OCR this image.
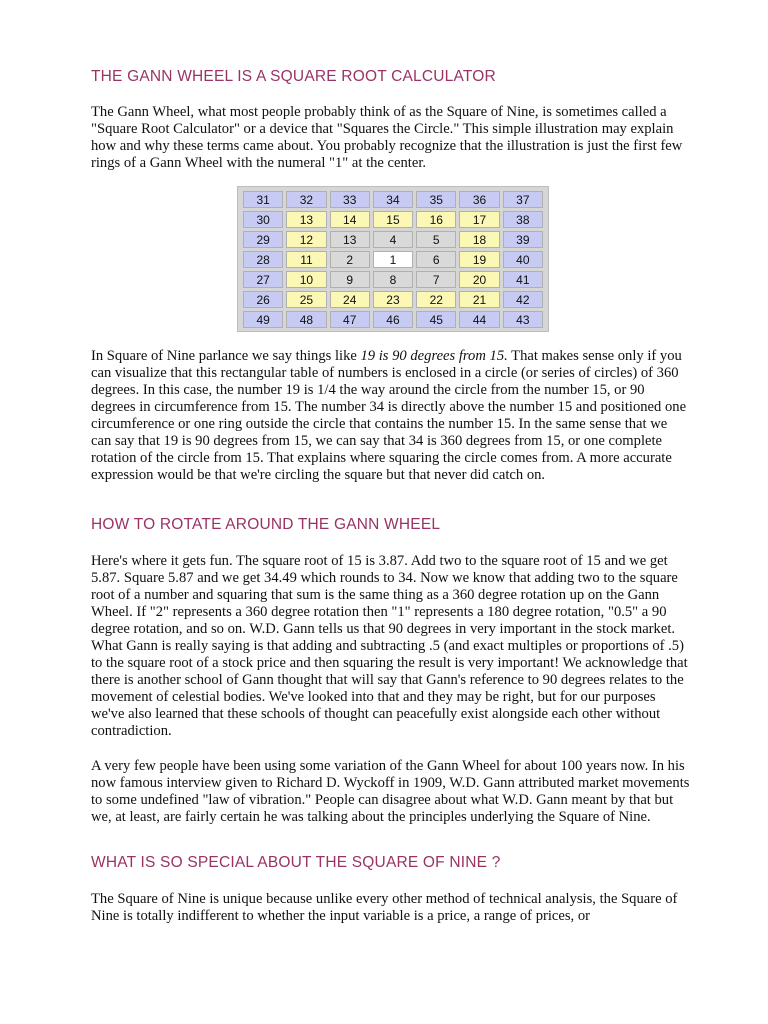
THE GANN WHEEL IS A SQUARE ROOT CALCULATOR

The Gann Wheel, what most people probably think of as the Square of Nine, is sometimes called a "Square Root Calculator" or a device that "Squares the Circle." This simple illustration may explain how and why these terms came about. You probably recognize that the illustration is just the first few rings of a Gann Wheel with the numeral "1" at the center.

In Square of Nine parlance we say things like 19 is 90 degrees from 15. That makes sense only if you can visualize that this rectangular table of numbers is enclosed in a circle (or series of circles) of 360 degrees. In this case, the number 19 is 1/4 the way around the circle from the number 15, or 90 degrees in circumference from 15. The number 34 is directly above the number 15 and positioned one circumference or one ring outside the circle that contains the number 15. In the same sense that we can say that 19 is 90 degrees from 15, we can say that 34 is 360 degrees from 15, or one complete rotation of the circle from 15. That explains where squaring the circle comes from. A more accurate expression would be that we're circling the square but that never did catch on.

HOW TO ROTATE AROUND THE GANN WHEEL

Here's where it gets fun. The square root of 15 is 3.87. Add two to the square root of 15 and we get 5.87. Square 5.87 and we get 34.49 which rounds to 34. Now we know that adding two to the square root of a number and squaring that sum is the same thing as a 360 degree rotation up on the Gann Wheel. If "2" represents a 360 degree rotation then "1" represents a 180 degree rotation, "0.5" a 90 degree rotation, and so on. W.D. Gann tells us that 90 degrees in very important in the stock market. What Gann is really saying is that adding and subtracting .5 (and exact multiples or proportions of .5) to the square root of a stock price and then squaring the result is very important! We acknowledge that there is another school of Gann thought that will say that Gann's reference to 90 degrees relates to the movement of celestial bodies. We've looked into that and they may be right, but for our purposes we've also learned that these schools of thought can peacefully exist alongside each other without contradiction.

A very few people have been using some variation of the Gann Wheel for about 100 years now. In his now famous interview given to Richard D. Wyckoff in 1909, W.D. Gann attributed market movements to some undefined "law of vibration." People can disagree about what W.D. Gann meant by that but we, at least, are fairly certain he was talking about the principles underlying the Square of Nine.

WHAT IS SO SPECIAL ABOUT THE SQUARE OF NINE ?

The Square of Nine is unique because unlike every other method of technical analysis, the Square of Nine is totally indifferent to whether the input variable is a price, a range of prices, or

31	32	33	34	35	36	37
30	13	14	15	16	17	38
29	12	13	4	5	18	39
28	11	2	1	6	19	40
27	10	9	8	7	20	41
26	25	24	23	22	21	42
49	48	47	46	45	44	43
